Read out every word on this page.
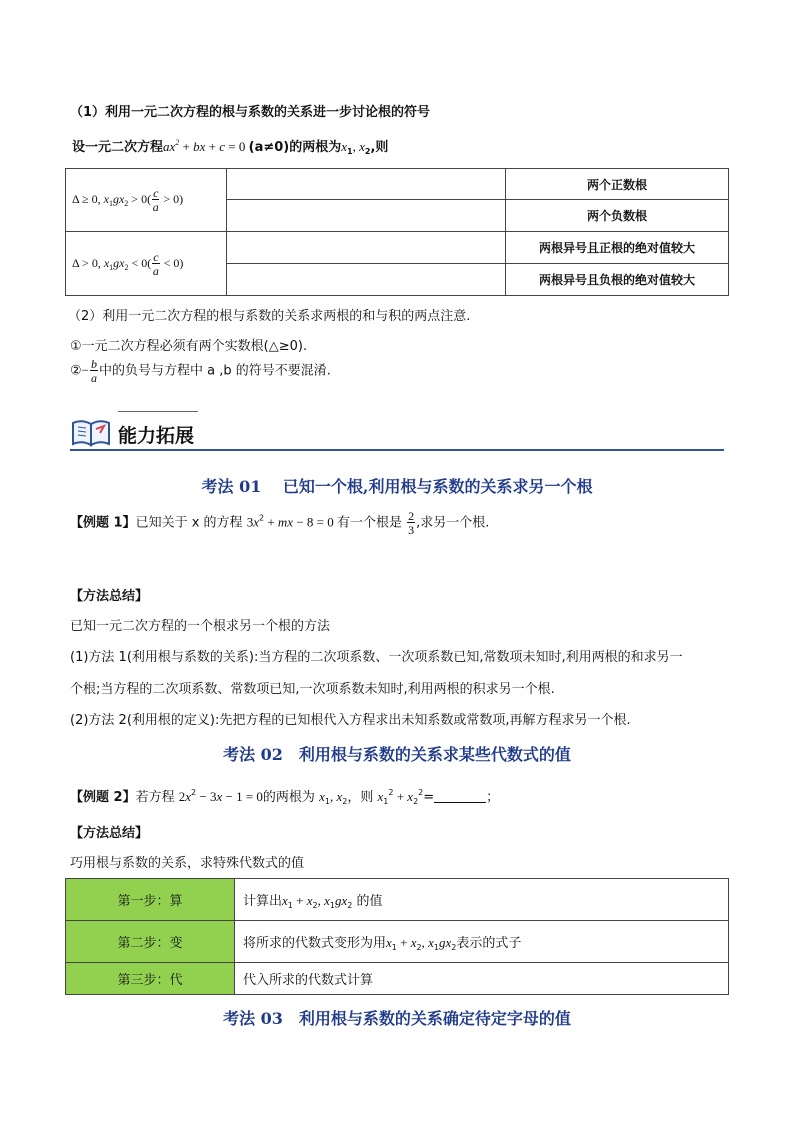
（1）利用一元二次方程的根与系数的关系进一步讨论根的符号
设一元二次方程$ax^2$ + bx + c = 0 (a≠0)的两根为$x_1$, $x_2$,则
Δ ≥ 0, $x_1gx_2 > 0( \frac{c}{a} > 0)$		两个正数根
		两个负数根
Δ > 0, $x_1gx_2 < 0( \frac{c}{a} < 0)$		两根异号且正根的绝对值较大
		两根异号且负根的绝对值较大
（2）利用一元二次方程的根与系数的关系求两根的和与积的两点注意.
①一元二次方程必须有两个实数根(△≥0).
②− $\frac{b}{a}$ 中的负号与方程中 a ,b 的符号不要混淆.
能力拓展
考法 01　 已知一个根,利用根与系数的关系求另一个根
【例题 1】已知关于 x 的方程 $3x^2$ + mx − 8 = 0 有一个根是 $\frac{2}{3}$ ,求另一个根.
【方法总结】
已知一元二次方程的一个根求另一个根的方法
(1)方法 1(利用根与系数的关系):当方程的二次项系数、一次项系数已知,常数项未知时,利用两根的和求另一
个根;当方程的二次项系数、常数项已知,一次项系数未知时,利用两根的积求另一个根.
(2)方法 2(利用根的定义):先把方程的已知根代入方程求出未知系数或常数项,再解方程求另一个根.
考法 02　利用根与系数的关系求某些代数式的值
【例题 2】若方程 $2x^2 - 3x - 1 = 0$的两根为 $x_1$, $x_2$，则 $x_1^2 + x_2^2=$	；
【方法总结】
巧用根与系数的关系，求特殊代数式的值
第一步：算	计算出$x_1 + x_2$, $x_1gx_2$ 的值
第二步：变	将所求的代数式变形为用$x_1 + x_2$, $x_1gx_2$表示的式子
第三步：代	代入所求的代数式计算
考法 03　利用根与系数的关系确定待定字母的值
